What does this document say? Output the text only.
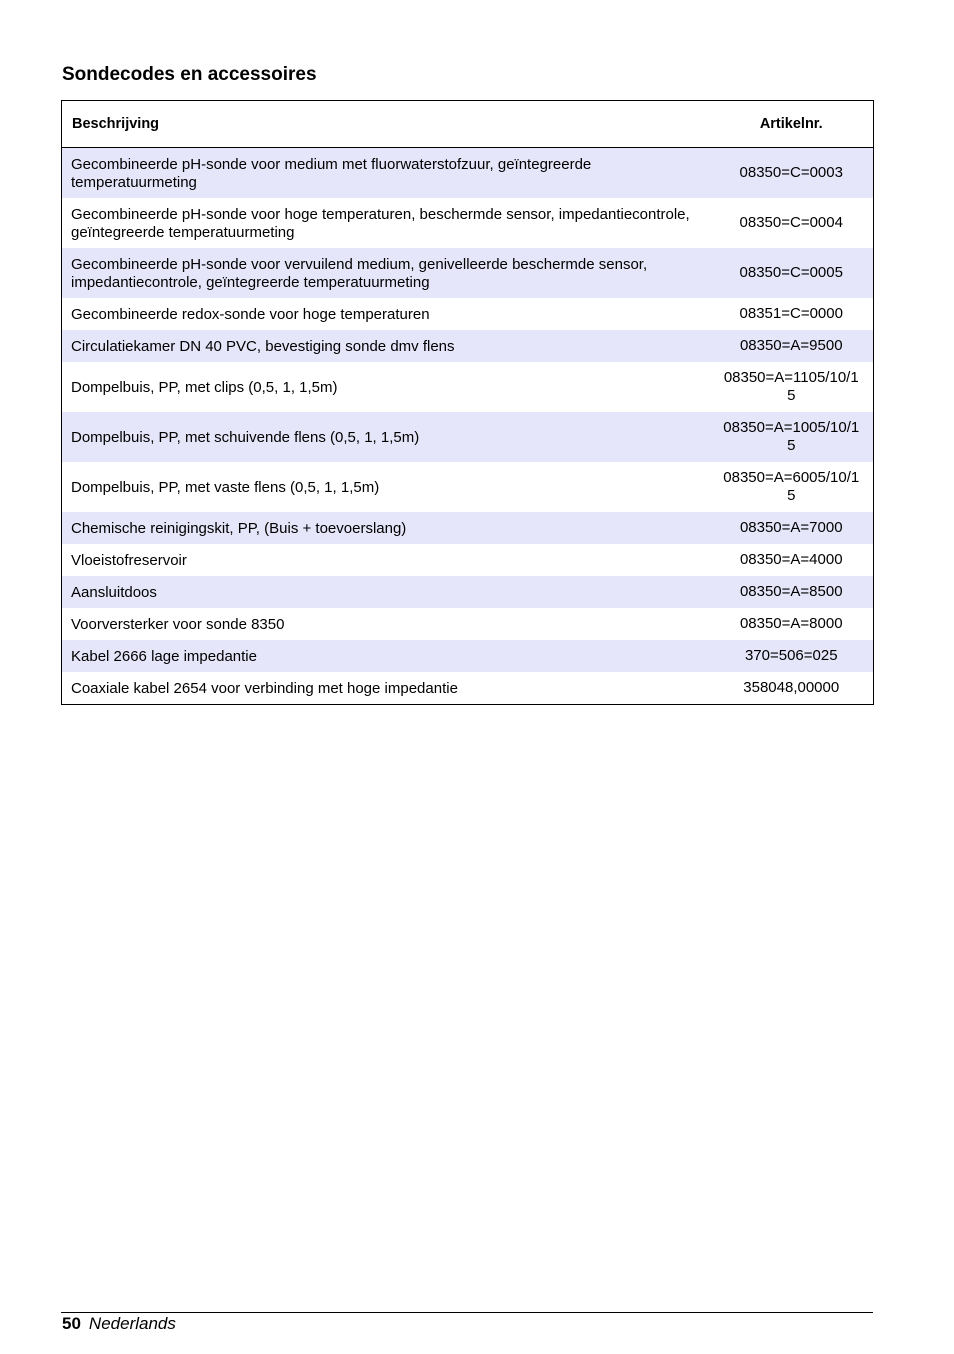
Sondecodes en accessoires
Beschrijving	Artikelnr.
Gecombineerde pH-sonde voor medium met fluorwaterstofzuur, geïntegreerde temperatuurmeting	08350=C=0003
Gecombineerde pH-sonde voor hoge temperaturen, beschermde sensor, impedantiecontrole, geïntegreerde temperatuurmeting	08350=C=0004
Gecombineerde pH-sonde voor vervuilend medium, genivelleerde beschermde sensor, impedantiecontrole, geïntegreerde temperatuurmeting	08350=C=0005
Gecombineerde redox-sonde voor hoge temperaturen	08351=C=0000
Circulatiekamer DN 40 PVC, bevestiging sonde dmv flens	08350=A=9500
Dompelbuis, PP, met clips (0,5, 1, 1,5m)	08350=A=1105/10/15
Dompelbuis, PP, met schuivende flens (0,5, 1, 1,5m)	08350=A=1005/10/15
Dompelbuis, PP, met vaste flens (0,5, 1, 1,5m)	08350=A=6005/10/15
Chemische reinigingskit, PP, (Buis + toevoerslang)	08350=A=7000
Vloeistofreservoir	08350=A=4000
Aansluitdoos	08350=A=8500
Voorversterker voor sonde 8350	08350=A=8000
Kabel 2666 lage impedantie	370=506=025
Coaxiale kabel 2654 voor verbinding met hoge impedantie	358048,00000
50 Nederlands
